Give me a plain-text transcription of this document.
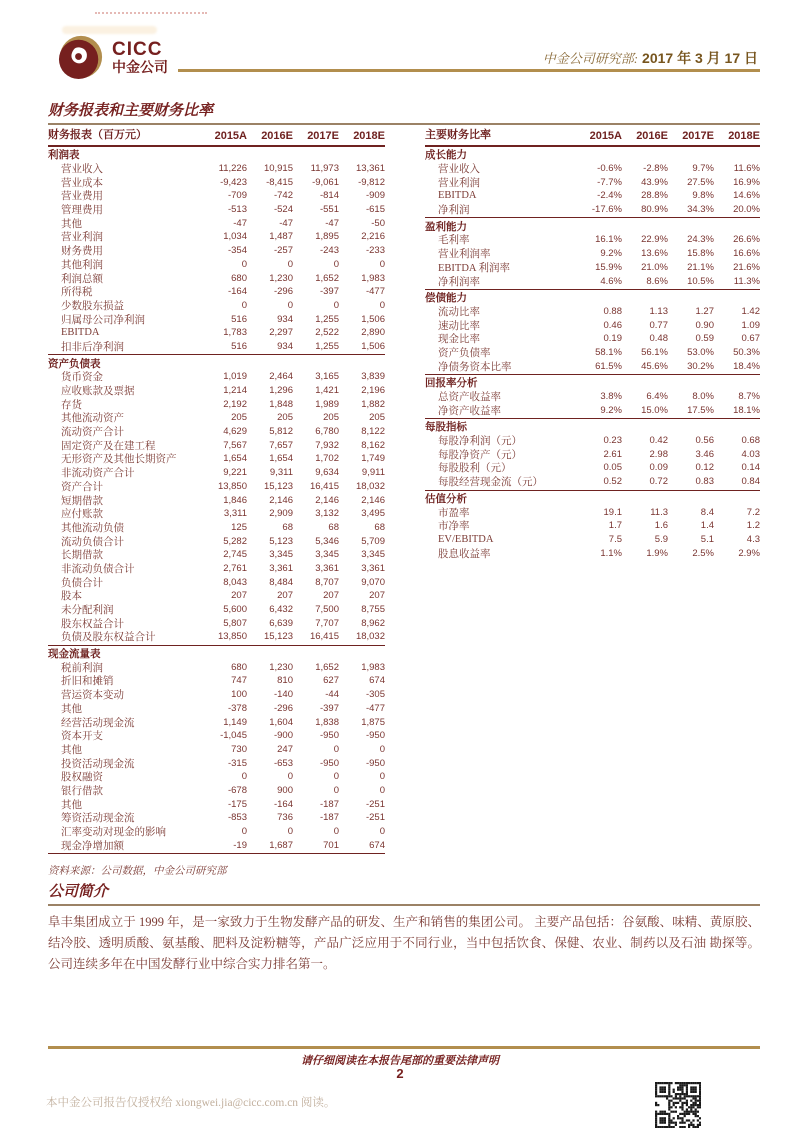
CICC
中金公司
中金公司研究部: 2017 年 3 月 17 日
财务报表和主要财务比率
财务报表（百万元）	2015A	2016E	2017E	2018E
利润表
营业收入	11,226	10,915	11,973	13,361
营业成本	-9,423	-8,415	-9,061	-9,812
营业费用	-709	-742	-814	-909
管理费用	-513	-524	-551	-615
其他	-47	-47	-47	-50
营业利润	1,034	1,487	1,895	2,216
财务费用	-354	-257	-243	-233
其他利润	0	0	0	0
利润总额	680	1,230	1,652	1,983
所得税	-164	-296	-397	-477
少数股东损益	0	0	0	0
归属母公司净利润	516	934	1,255	1,506
EBITDA	1,783	2,297	2,522	2,890
扣非后净利润	516	934	1,255	1,506
资产负债表
货币资金	1,019	2,464	3,165	3,839
应收账款及票据	1,214	1,296	1,421	2,196
存货	2,192	1,848	1,989	1,882
其他流动资产	205	205	205	205
流动资产合计	4,629	5,812	6,780	8,122
固定资产及在建工程	7,567	7,657	7,932	8,162
无形资产及其他长期资产	1,654	1,654	1,702	1,749
非流动资产合计	9,221	9,311	9,634	9,911
资产合计	13,850	15,123	16,415	18,032
短期借款	1,846	2,146	2,146	2,146
应付账款	3,311	2,909	3,132	3,495
其他流动负债	125	68	68	68
流动负债合计	5,282	5,123	5,346	5,709
长期借款	2,745	3,345	3,345	3,345
非流动负债合计	2,761	3,361	3,361	3,361
负债合计	8,043	8,484	8,707	9,070
股本	207	207	207	207
未分配利润	5,600	6,432	7,500	8,755
股东权益合计	5,807	6,639	7,707	8,962
负债及股东权益合计	13,850	15,123	16,415	18,032
现金流量表
税前利润	680	1,230	1,652	1,983
折旧和摊销	747	810	627	674
营运资本变动	100	-140	-44	-305
其他	-378	-296	-397	-477
经营活动现金流	1,149	1,604	1,838	1,875
资本开支	-1,045	-900	-950	-950
其他	730	247	0	0
投资活动现金流	-315	-653	-950	-950
股权融资	0	0	0	0
银行借款	-678	900	0	0
其他	-175	-164	-187	-251
筹资活动现金流	-853	736	-187	-251
汇率变动对现金的影响	0	0	0	0
现金净增加额	-19	1,687	701	674
资料来源：公司数据，中金公司研究部
主要财务比率	2015A	2016E	2017E	2018E
成长能力
营业收入	-0.6%	-2.8%	9.7%	11.6%
营业利润	-7.7%	43.9%	27.5%	16.9%
EBITDA	-2.4%	28.8%	9.8%	14.6%
净利润	-17.6%	80.9%	34.3%	20.0%
盈利能力
毛利率	16.1%	22.9%	24.3%	26.6%
营业利润率	9.2%	13.6%	15.8%	16.6%
EBITDA 利润率	15.9%	21.0%	21.1%	21.6%
净利润率	4.6%	8.6%	10.5%	11.3%
偿债能力
流动比率	0.88	1.13	1.27	1.42
速动比率	0.46	0.77	0.90	1.09
现金比率	0.19	0.48	0.59	0.67
资产负债率	58.1%	56.1%	53.0%	50.3%
净债务资本比率	61.5%	45.6%	30.2%	18.4%
回报率分析
总资产收益率	3.8%	6.4%	8.0%	8.7%
净资产收益率	9.2%	15.0%	17.5%	18.1%
每股指标
每股净利润（元）	0.23	0.42	0.56	0.68
每股净资产（元）	2.61	2.98	3.46	4.03
每股股利（元）	0.05	0.09	0.12	0.14
每股经营现金流（元）	0.52	0.72	0.83	0.84
估值分析
市盈率	19.1	11.3	8.4	7.2
市净率	1.7	1.6	1.4	1.2
EV/EBITDA	7.5	5.9	5.1	4.3
股息收益率	1.1%	1.9%	2.5%	2.9%
公司简介
阜丰集团成立于 1999 年，是一家致力于生物发酵产品的研发、生产和销售的集团公司。 主要产品包括：谷氨酸、味精、黄原胶、结冷胶、透明质酸、氨基酸、肥料及淀粉糖等，产品广泛应用于不同行业，当中包括饮食、保健、农业、制药以及石油 勘探等。公司连续多年在中国发酵行业中综合实力排名第一。
请仔细阅读在本报告尾部的重要法律声明
2
本中金公司报告仅授权给 xiongwei.jia@cicc.com.cn 阅读。
